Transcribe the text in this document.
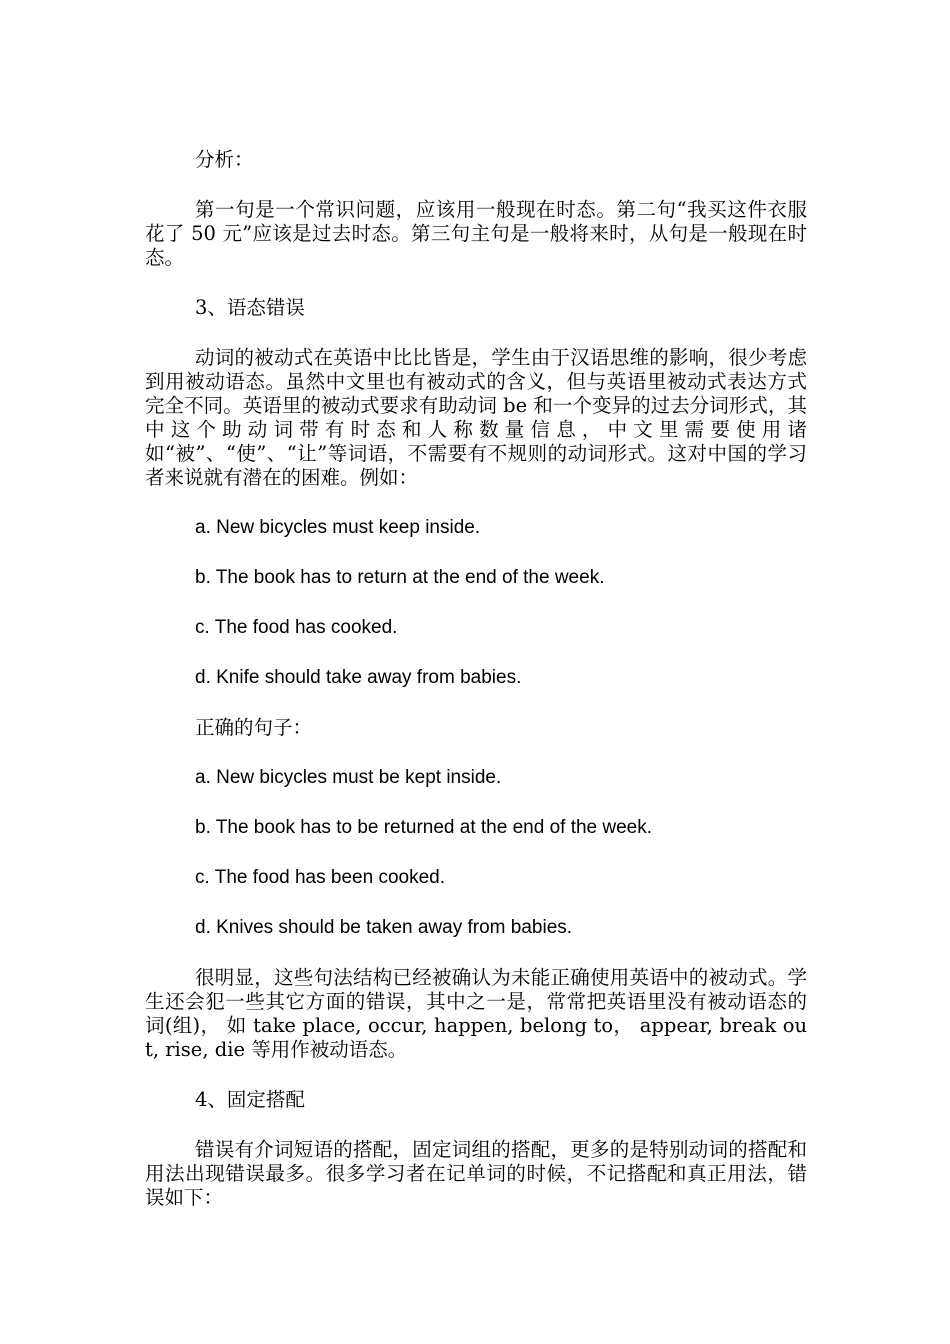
分析：

第一句是一个常识问题，应该用一般现在时态。第二句“我买这件衣服花了 50 元”应该是过去时态。第三句主句是一般将来时，从句是一般现在时态。

3、语态错误

动词的被动式在英语中比比皆是，学生由于汉语思维的影响，很少考虑到用被动语态。虽然中文里也有被动式的含义，但与英语里被动式表达方式完全不同。英语里的被动式要求有助动词 be 和一个变异的过去分词形式，其中这个助动词带有时态和人称数量信息，中文里需要使用诸如“被”、“使”、“让”等词语，不需要有不规则的动词形式。这对中国的学习者来说就有潜在的困难。例如：

a. New bicycles must keep inside.

b. The book has to return at the end of the week.

c. The food has cooked.

d. Knife should take away from babies.

正确的句子：

a. New bicycles must be kept inside.

b. The book has to be returned at the end of the week.

c. The food has been cooked.

d. Knives should be taken away from babies.

很明显，这些句法结构已经被确认为未能正确使用英语中的被动式。学生还会犯一些其它方面的错误，其中之一是，常常把英语里没有被动语态的词(组)， 如 take place, occur, happen, belong to， appear, break out, rise, die 等用作被动语态。

4、固定搭配

错误有介词短语的搭配，固定词组的搭配，更多的是特别动词的搭配和用法出现错误最多。很多学习者在记单词的时候，不记搭配和真正用法，错误如下：
